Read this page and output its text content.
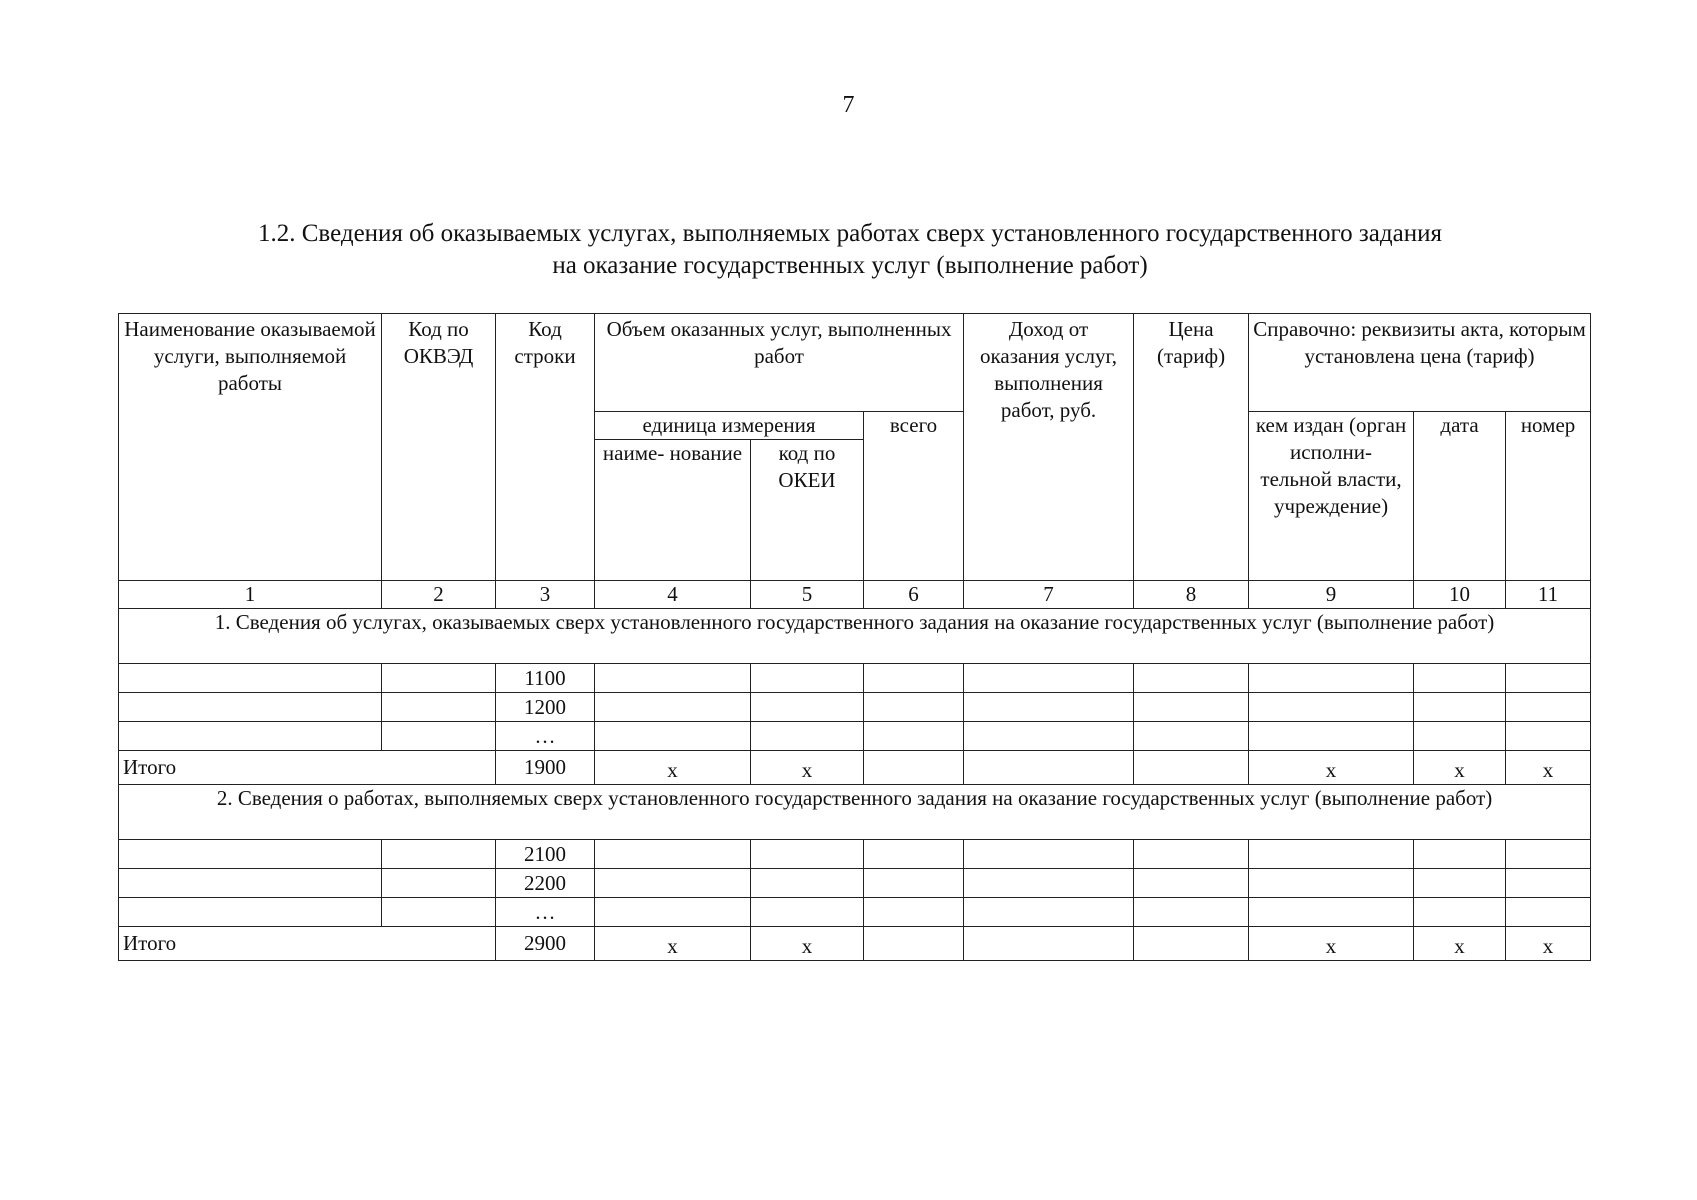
7
1.2. Сведения об оказываемых услугах, выполняемых работах сверх установленного государственного задания
на оказание государственных услуг (выполнение работ)
Наименование оказываемой услуги, выполняемой работы	Код по ОКВЭД	Код строки	Объем оказанных услуг, выполненных работ			Доход от оказания услуг, выполнения работ, руб.	Цена (тариф)	Справочно: реквизиты акта, которым установлена цена (тариф)		
			единица измерения		всего			кем издан (орган исполни- тельной власти, учреждение)	дата	номер
			наиме- нование	код по ОКЕИ						
1	2	3	4	5	6	7	8	9	10	11
1. Сведения об услугах, оказываемых сверх установленного государственного задания на оказание государственных услуг (выполнение работ)										
		1100								
		1200								
		…								
Итого		1900	x	x				x	x	x
2. Сведения о работах, выполняемых сверх установленного государственного задания на оказание государственных услуг (выполнение работ)										
		2100								
		2200								
		…								
Итого		2900	x	x				x	x	x
